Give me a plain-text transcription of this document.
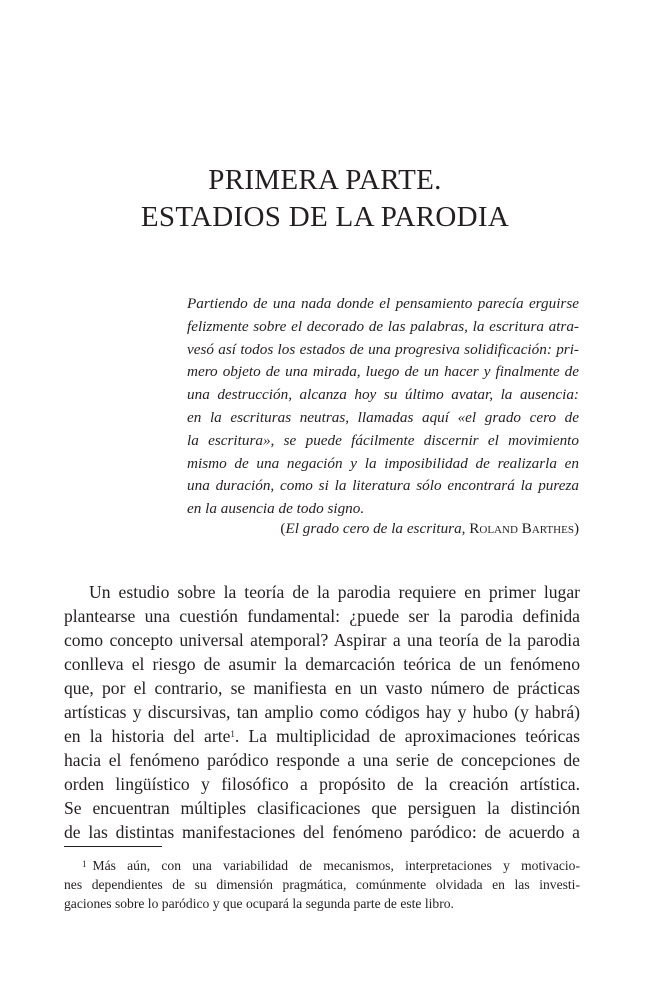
PRIMERA PARTE.
ESTADIOS DE LA PARODIA
Partiendo de una nada donde el pensamiento parecía erguirse
felizmente sobre el decorado de las palabras, la escritura atra-
vesó así todos los estados de una progresiva solidificación: pri-
mero objeto de una mirada, luego de un hacer y finalmente de
una destrucción, alcanza hoy su último avatar, la ausencia:
en la escrituras neutras, llamadas aquí «el grado cero de
la escritura», se puede fácilmente discernir el movimiento
mismo de una negación y la imposibilidad de realizarla en
una duración, como si la literatura sólo encontrará la pureza
en la ausencia de todo signo.
(El grado cero de la escritura, Roland Barthes)
Un estudio sobre la teoría de la parodia requiere en primer lugar
plantearse una cuestión fundamental: ¿puede ser la parodia definida
como concepto universal atemporal? Aspirar a una teoría de la parodia
conlleva el riesgo de asumir la demarcación teórica de un fenómeno
que, por el contrario, se manifiesta en un vasto número de prácticas
artísticas y discursivas, tan amplio como códigos hay y hubo (y habrá)
en la historia del arte$^1$. La multiplicidad de aproximaciones teóricas
hacia el fenómeno paródico responde a una serie de concepciones de
orden lingüístico y filosófico a propósito de la creación artística.
Se encuentran múltiples clasificaciones que persiguen la distinción
de las distintas manifestaciones del fenómeno paródico: de acuerdo a
$^1$ Más aún, con una variabilidad de mecanismos, interpretaciones y motivacio-
nes dependientes de su dimensión pragmática, comúnmente olvidada en las investi-
gaciones sobre lo paródico y que ocupará la segunda parte de este libro.
